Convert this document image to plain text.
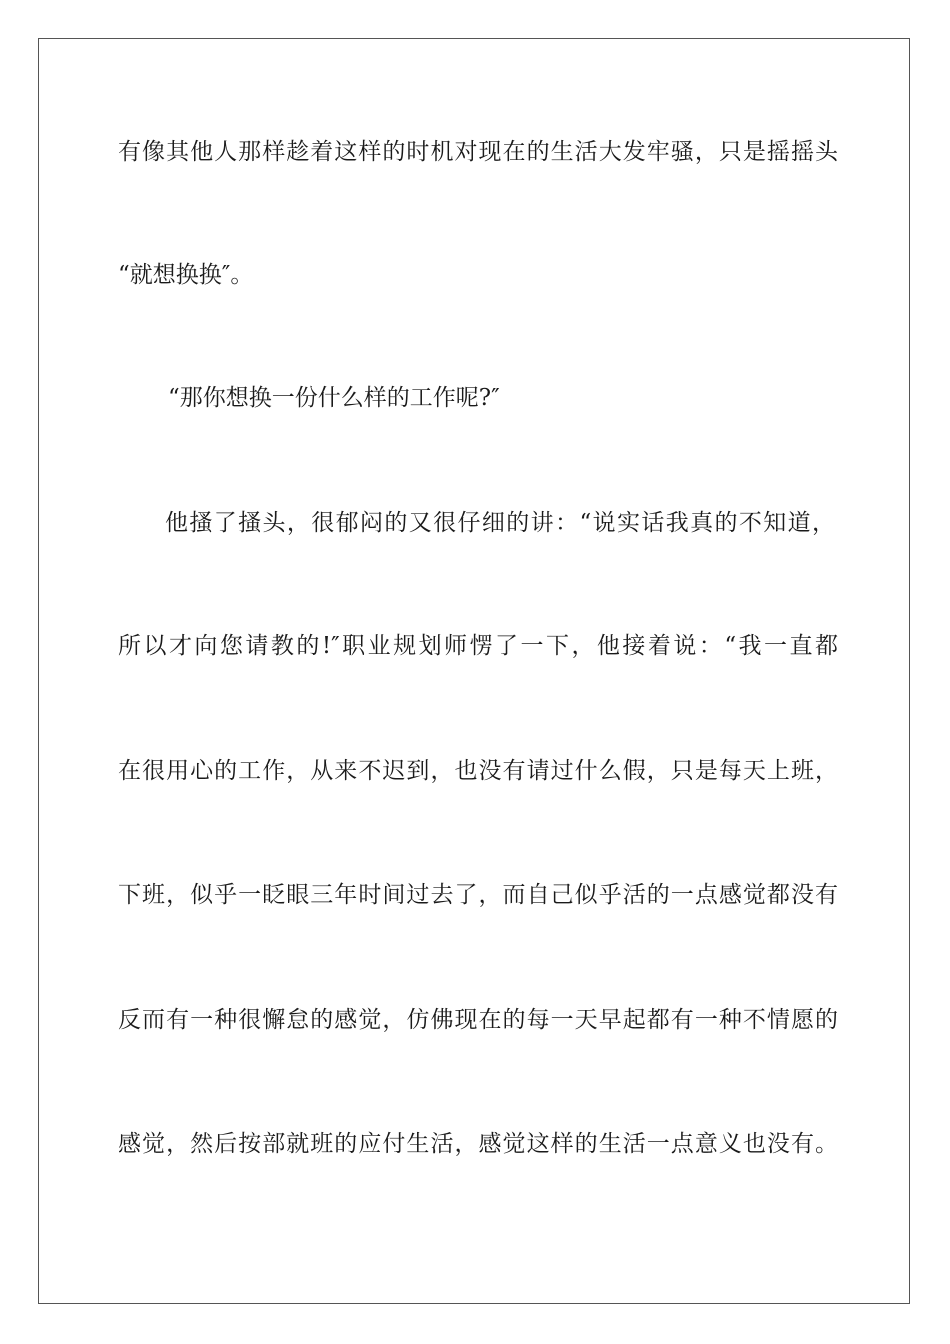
有像其他人那样趁着这样的时机对现在的生活大发牢骚，只是摇摇头
“就想换换″。
“那你想换一份什么样的工作呢?″
他搔了搔头，很郁闷的又很仔细的讲：“说实话我真的不知道，
所以才向您请教的!″职业规划师愣了一下，他接着说：“我一直都
在很用心的工作，从来不迟到，也没有请过什么假，只是每天上班，
下班，似乎一眨眼三年时间过去了，而自己似乎活的一点感觉都没有
反而有一种很懈怠的感觉，仿佛现在的每一天早起都有一种不情愿的
感觉，然后按部就班的应付生活，感觉这样的生活一点意义也没有。
